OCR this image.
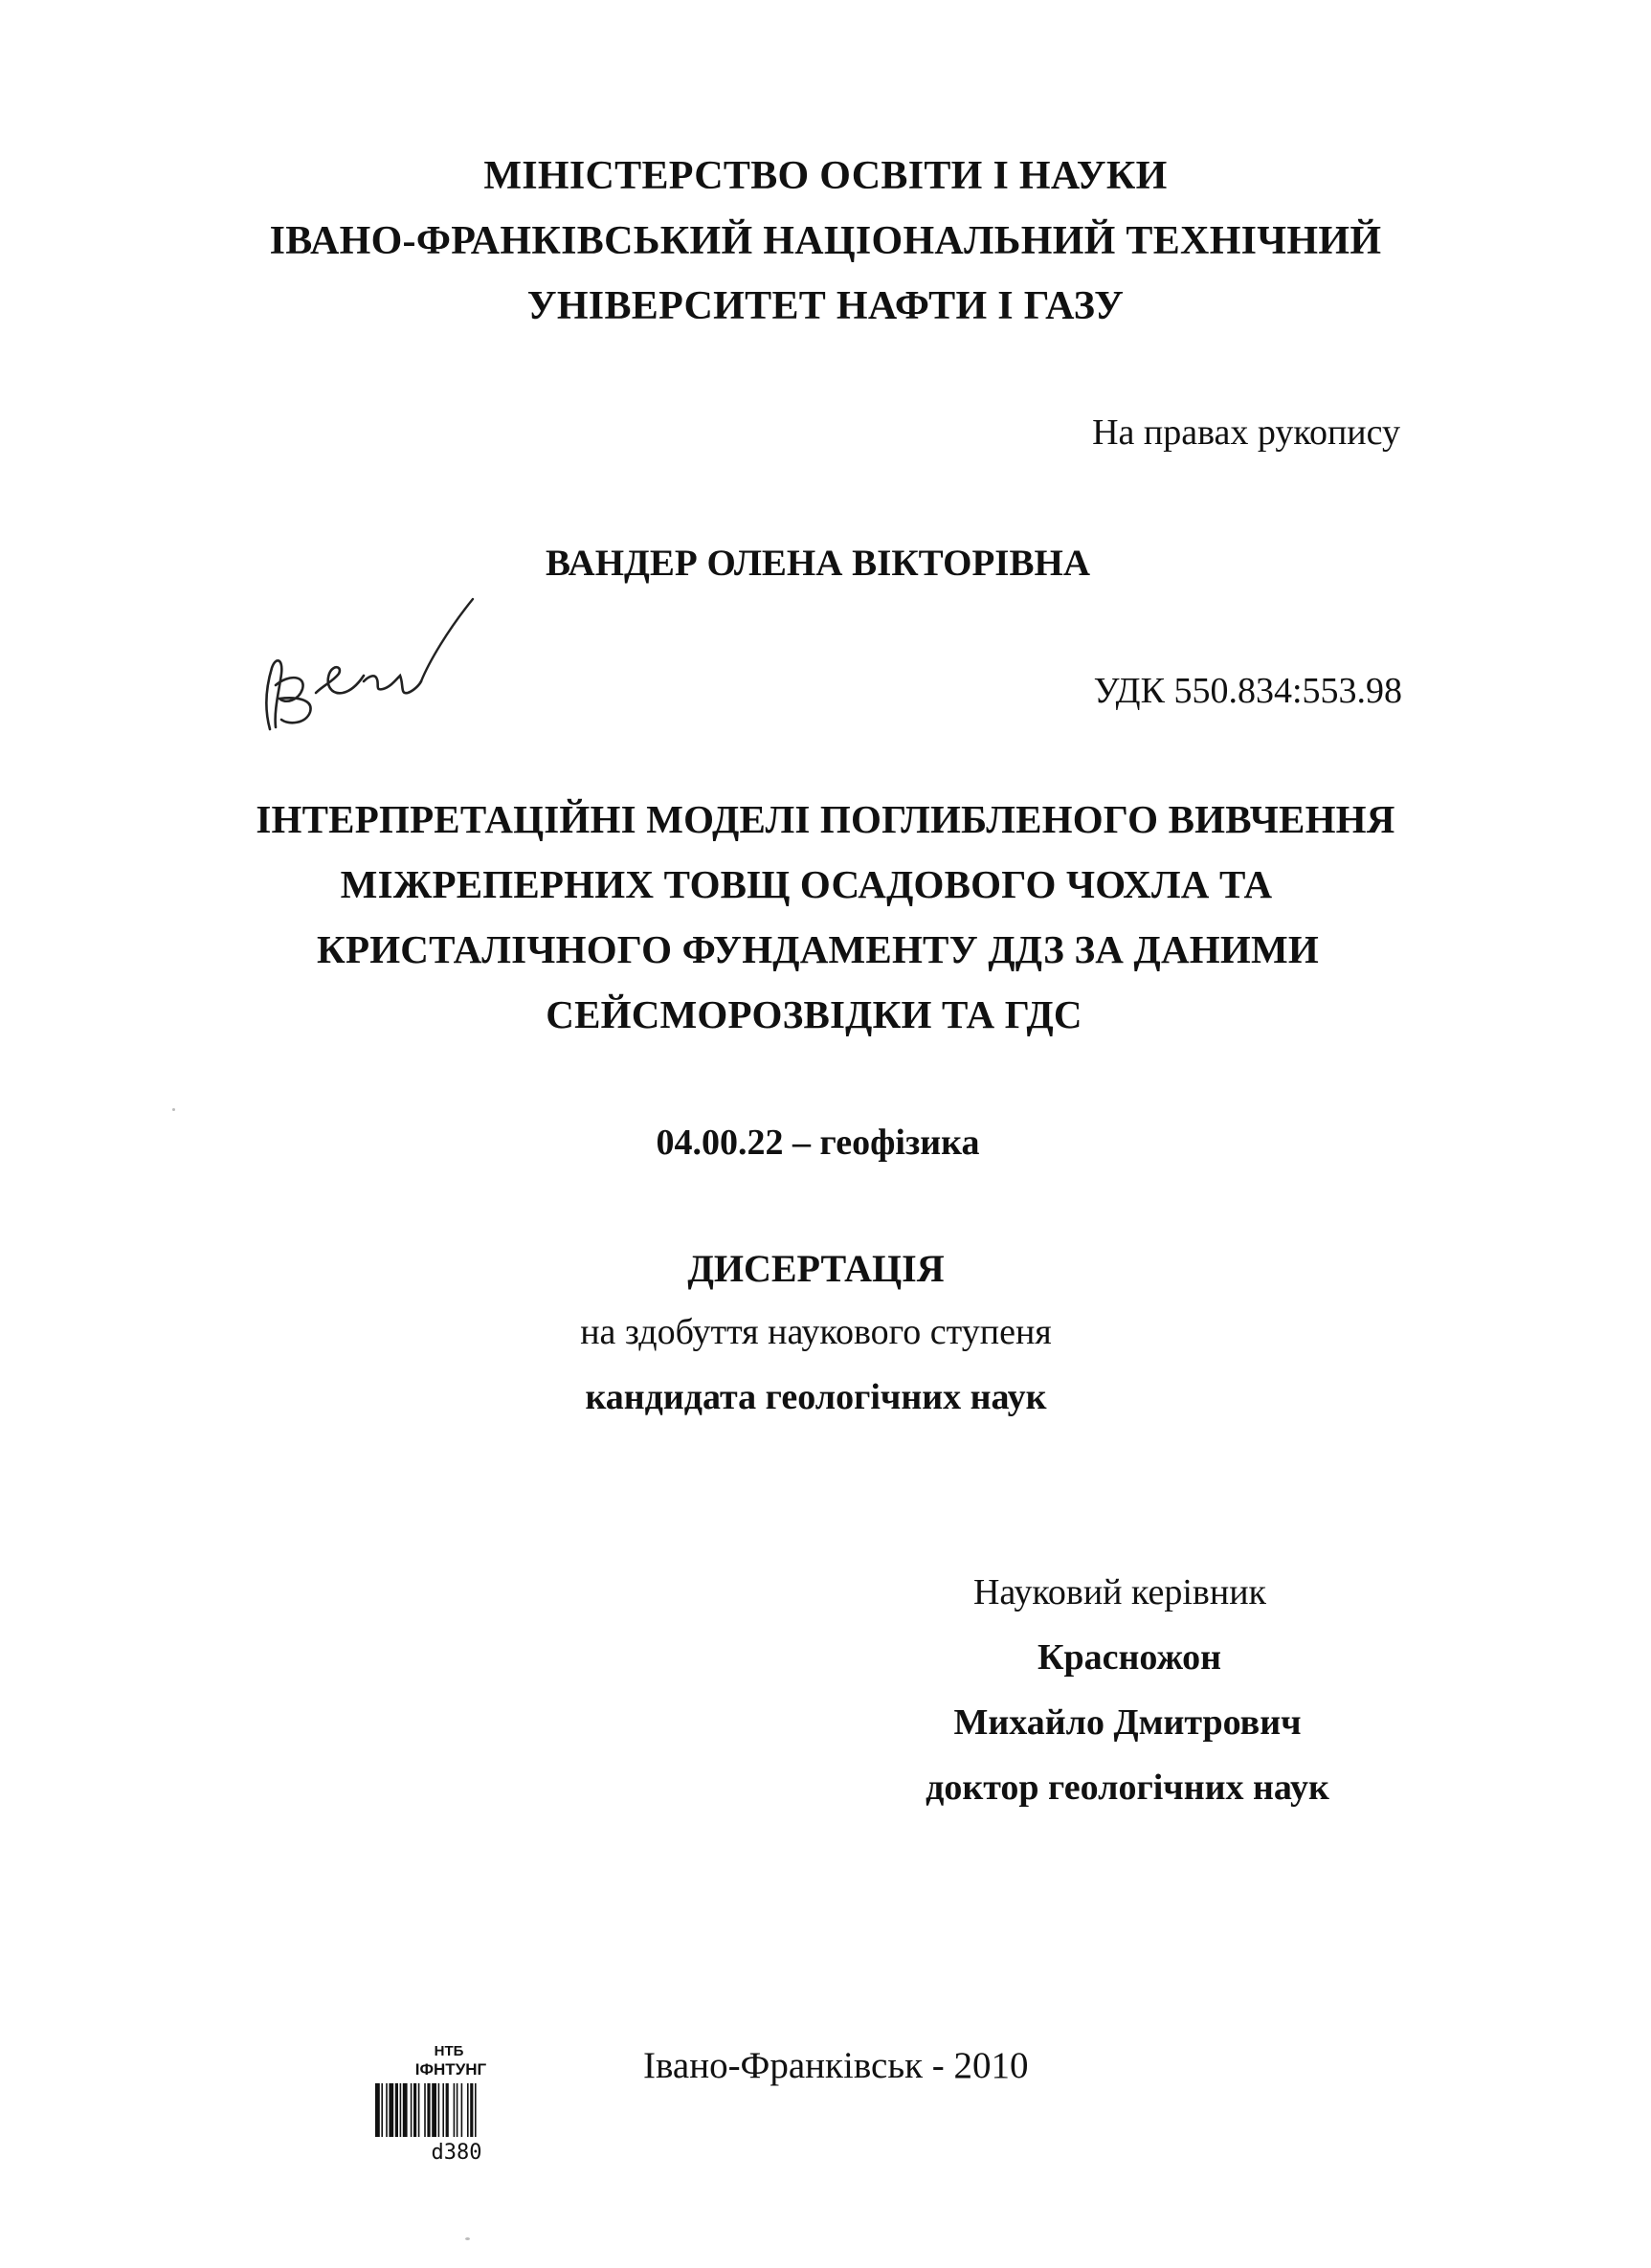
МІНІСТЕРСТВО ОСВІТИ І НАУКИ
ІВАНО-ФРАНКІВСЬКИЙ НАЦІОНАЛЬНИЙ ТЕХНІЧНИЙ
УНІВЕРСИТЕТ НАФТИ І ГАЗУ
На правах рукопису
ВАНДЕР ОЛЕНА ВІКТОРІВНА
УДК 550.834:553.98
ІНТЕРПРЕТАЦІЙНІ МОДЕЛІ ПОГЛИБЛЕНОГО ВИВЧЕННЯ
МІЖРЕПЕРНИХ ТОВЩ ОСАДОВОГО ЧОХЛА ТА
КРИСТАЛІЧНОГО ФУНДАМЕНТУ ДДЗ ЗА ДАНИМИ
СЕЙСМОРОЗВІДКИ ТА ГДС
04.00.22 – геофізика
ДИСЕРТАЦІЯ
на здобуття наукового ступеня
кандидата геологічних наук
Науковий керівник
Красножон
Михайло Дмитрович
доктор геологічних наук
Івано-Франківськ - 2010
НТБ
ІФНТУНГ
d380
